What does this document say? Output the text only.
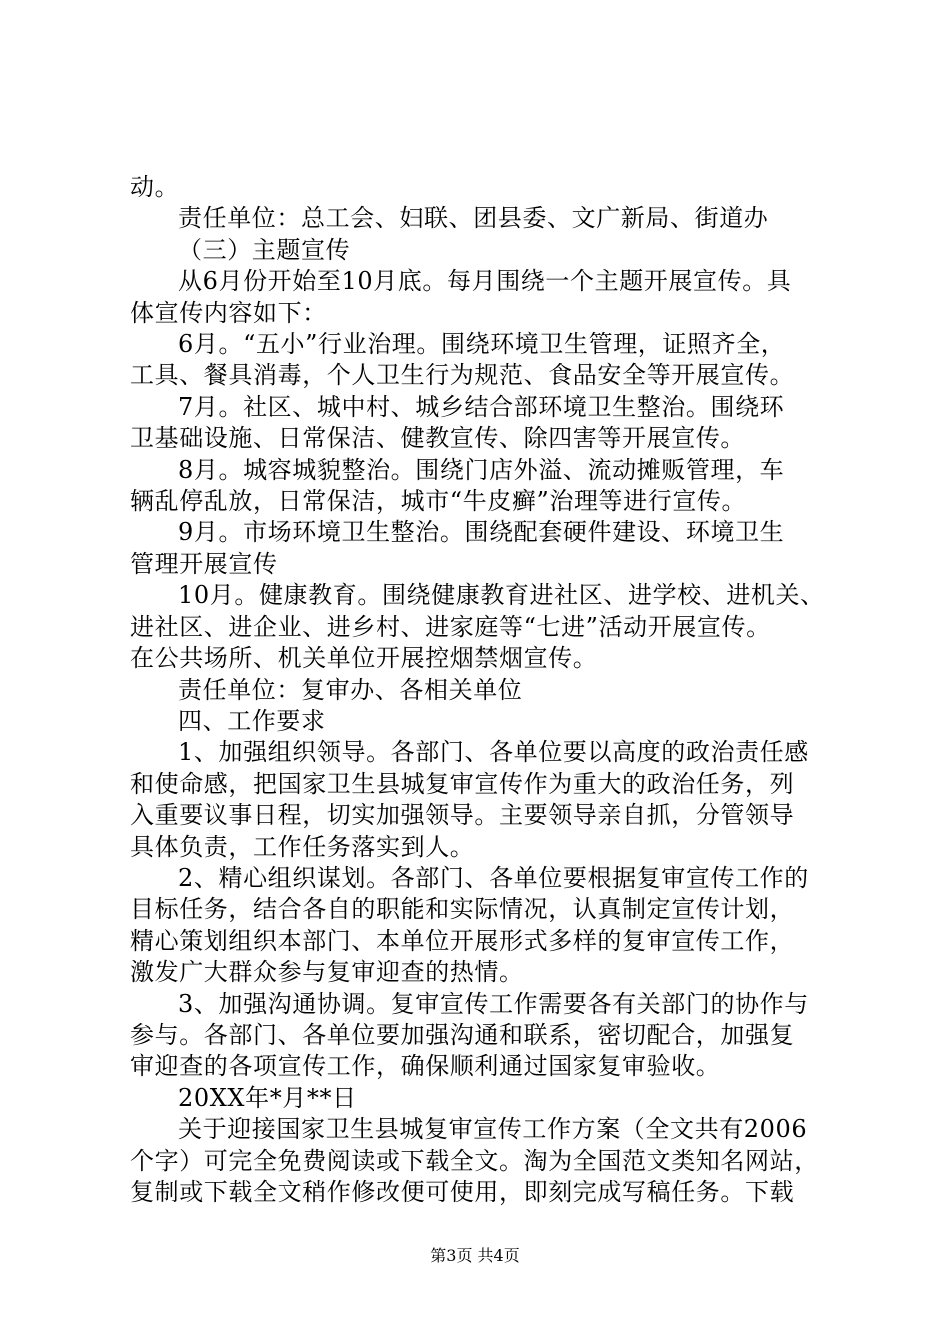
动。

责任单位：总工会、妇联、团县委、文广新局、街道办

（三）主题宣传

从6月份开始至10月底。每月围绕一个主题开展宣传。具

体宣传内容如下：

6月。“五小”行业治理。围绕环境卫生管理，证照齐全，

工具、餐具消毒，个人卫生行为规范、食品安全等开展宣传。

7月。社区、城中村、城乡结合部环境卫生整治。围绕环

卫基础设施、日常保洁、健教宣传、除四害等开展宣传。

8月。城容城貌整治。围绕门店外溢、流动摊贩管理，车

辆乱停乱放，日常保洁，城市“牛皮癣”治理等进行宣传。

9月。市场环境卫生整治。围绕配套硬件建设、环境卫生

管理开展宣传

10月。健康教育。围绕健康教育进社区、进学校、进机关、

进社区、进企业、进乡村、进家庭等“七进”活动开展宣传。

在公共场所、机关单位开展控烟禁烟宣传。

责任单位：复审办、各相关单位

四、工作要求

1、加强组织领导。各部门、各单位要以高度的政治责任感

和使命感，把国家卫生县城复审宣传作为重大的政治任务，列

入重要议事日程，切实加强领导。主要领导亲自抓，分管领导

具体负责，工作任务落实到人。

2、精心组织谋划。各部门、各单位要根据复审宣传工作的

目标任务，结合各自的职能和实际情况，认真制定宣传计划，

精心策划组织本部门、本单位开展形式多样的复审宣传工作，

激发广大群众参与复审迎查的热情。

3、加强沟通协调。复审宣传工作需要各有关部门的协作与

参与。各部门、各单位要加强沟通和联系，密切配合，加强复

审迎查的各项宣传工作，确保顺利通过国家复审验收。

20XX年*月**日

关于迎接国家卫生县城复审宣传工作方案（全文共有2006

个字）可完全免费阅读或下载全文。淘为全国范文类知名网站，

复制或下载全文稍作修改便可使用，即刻完成写稿任务。下载

第3页 共4页
